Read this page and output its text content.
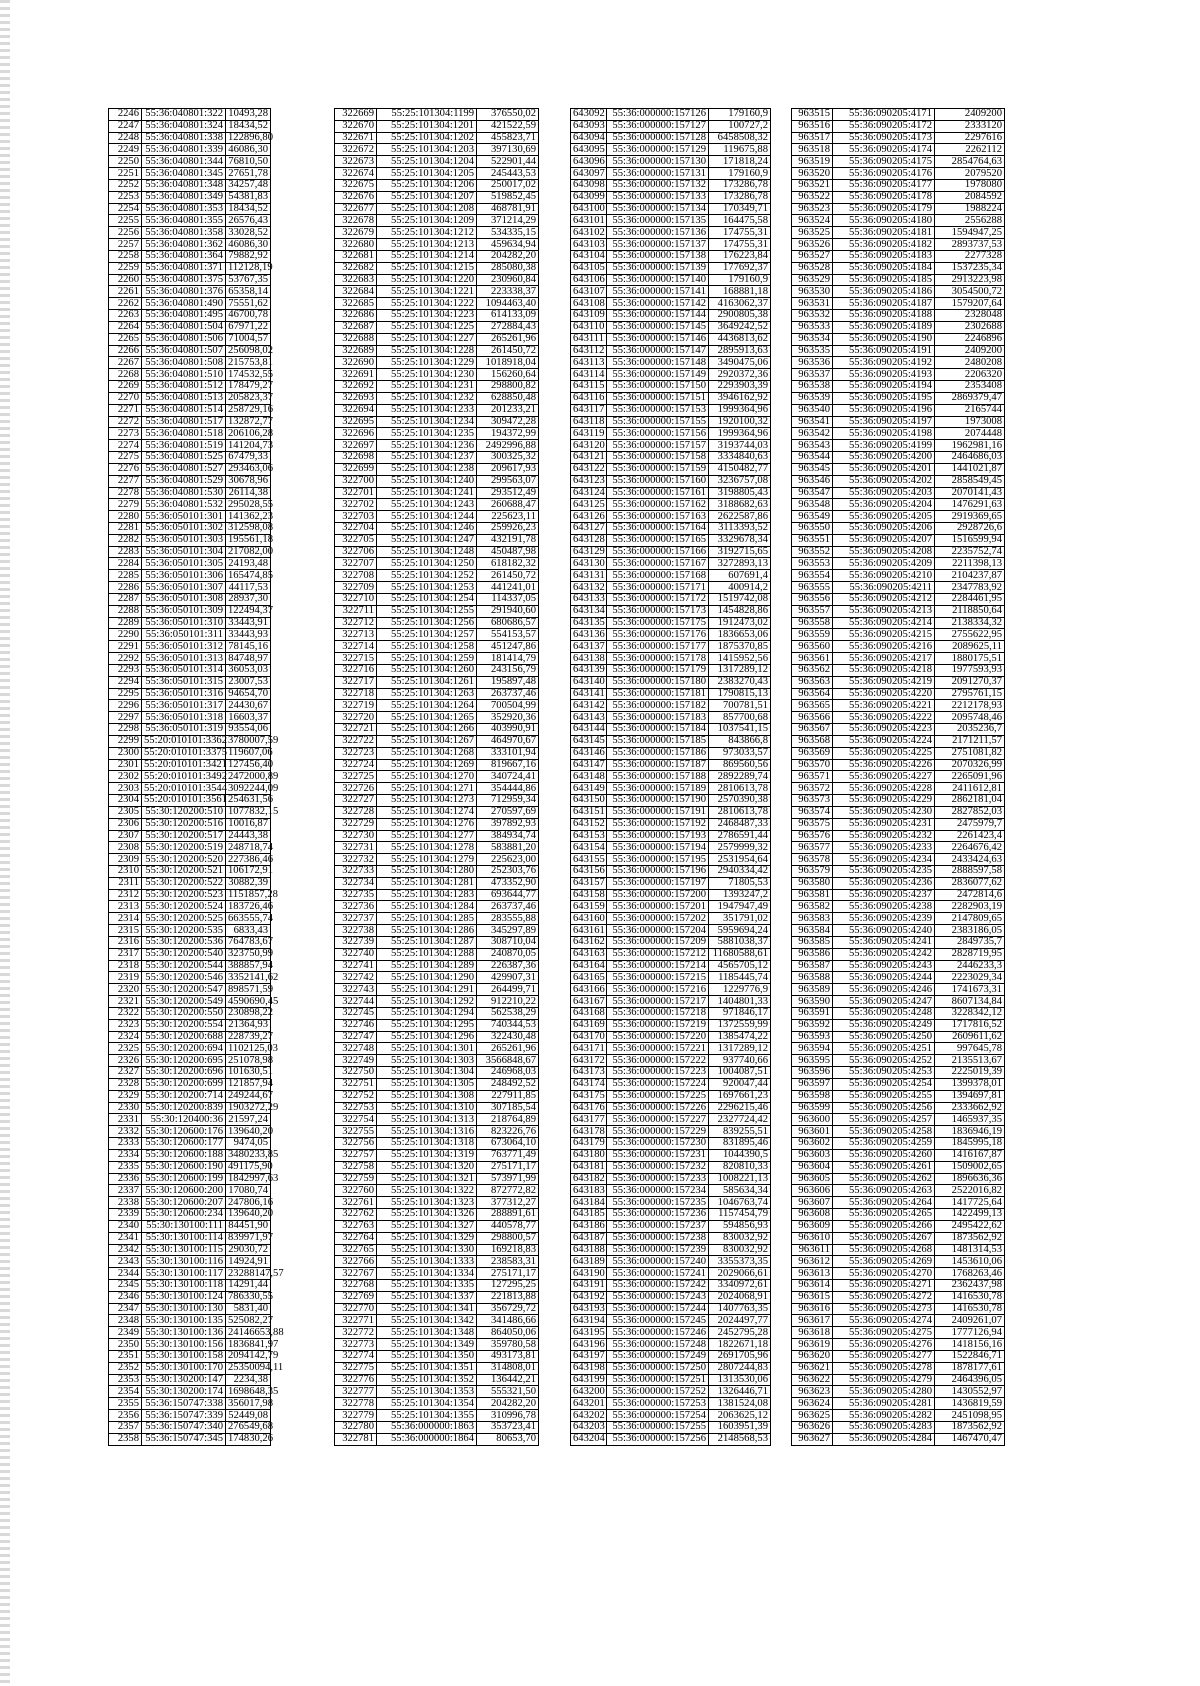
2246	55:36:040801:322	10493,28
2247	55:36:040801:324	18434,52
2248	55:36:040801:338	122896,80
2249	55:36:040801:339	46086,30
2250	55:36:040801:344	76810,50
2251	55:36:040801:345	27651,78
2252	55:36:040801:348	34257,48
2253	55:36:040801:349	54381,83
2254	55:36:040801:353	18434,52
2255	55:36:040801:355	26576,43
2256	55:36:040801:358	33028,52
2257	55:36:040801:362	46086,30
2258	55:36:040801:364	79882,92
2259	55:36:040801:371	112128,19
2260	55:36:040801:375	53767,35
2261	55:36:040801:376	65358,14
2262	55:36:040801:490	75551,62
2263	55:36:040801:495	46700,78
2264	55:36:040801:504	67971,22
2265	55:36:040801:506	71004,57
2266	55:36:040801:507	256098,02
2267	55:36:040801:508	215753,81
2268	55:36:040801:510	174532,55
2269	55:36:040801:512	178479,27
2270	55:36:040801:513	205823,37
2271	55:36:040801:514	258729,16
2272	55:36:040801:517	132872,77
2273	55:36:040801:518	206106,28
2274	55:36:040801:519	141204,73
2275	55:36:040801:525	67479,33
2276	55:36:040801:527	293463,06
2277	55:36:040801:529	30678,96
2278	55:36:040801:530	26114,38
2279	55:36:040801:532	295028,55
2280	55:36:050101:301	141362,23
2281	55:36:050101:302	312598,08
2282	55:36:050101:303	195561,18
2283	55:36:050101:304	217082,00
2284	55:36:050101:305	24193,48
2285	55:36:050101:306	165474,85
2286	55:36:050101:307	44117,53
2287	55:36:050101:308	28937,30
2288	55:36:050101:309	122494,37
2289	55:36:050101:310	33443,91
2290	55:36:050101:311	33443,93
2291	55:36:050101:312	78145,16
2292	55:36:050101:313	84748,97
2293	55:36:050101:314	36053,03
2294	55:36:050101:315	23007,53
2295	55:36:050101:316	94654,70
2296	55:36:050101:317	24430,67
2297	55:36:050101:318	16603,37
2298	55:36:050101:319	93554,06
2299	55:20:010101:3362	3780007,59
2300	55:20:010101:3375	119607,06
2301	55:20:010101:3421	127456,40
2302	55:20:010101:3492	2472000,89
2303	55:20:010101:3544	3092244,09
2304	55:20:010101:3561	254631,56
2305	55:30:120200:510	1077832,15
2306	55:30:120200:516	10016,87
2307	55:30:120200:517	24443,38
2308	55:30:120200:519	248718,74
2309	55:30:120200:520	227386,46
2310	55:30:120200:521	106172,91
2311	55:30:120200:522	30882,39
2312	55:30:120200:523	1151857,28
2313	55:30:120200:524	183726,46
2314	55:30:120200:525	663555,74
2315	55:30:120200:535	6833,43
2316	55:30:120200:536	764783,67
2317	55:30:120200:540	323750,99
2318	55:30:120200:544	388857,94
2319	55:30:120200:546	3352141,62
2320	55:30:120200:547	898571,59
2321	55:30:120200:549	4590690,45
2322	55:30:120200:550	230898,22
2323	55:30:120200:554	21364,93
2324	55:30:120200:688	228739,27
2325	55:30:120200:694	1102125,03
2326	55:30:120200:695	251078,98
2327	55:30:120200:696	101630,51
2328	55:30:120200:699	121857,94
2329	55:30:120200:714	249244,67
2330	55:30:120200:839	1903272,29
2331	55:30:120400:36	21597,24
2332	55:30:120600:176	139640,20
2333	55:30:120600:177	9474,05
2334	55:30:120600:188	3480233,85
2335	55:30:120600:190	491175,90
2336	55:30:120600:199	1842997,63
2337	55:30:120600:200	17080,74
2338	55:30:120600:207	247806,16
2339	55:30:120600:234	139640,20
2340	55:30:130100:111	84451,90
2341	55:30:130100:114	839971,97
2342	55:30:130100:115	29030,72
2343	55:30:130100:116	14924,91
2344	55:30:130100:117	23288147,57
2345	55:30:130100:118	14291,44
2346	55:30:130100:124	786330,55
2347	55:30:130100:130	5831,40
2348	55:30:130100:135	525082,27
2349	55:30:130100:136	24146653,88
2350	55:30:130100:156	1836841,97
2351	55:30:130100:158	2094142,79
2352	55:30:130100:170	25350094,11
2353	55:30:130200:147	2234,38
2354	55:30:130200:174	1698648,35
2355	55:36:150747:338	356017,98
2356	55:36:150747:339	52449,08
2357	55:36:150747:340	276549,68
2358	55:36:150747:345	174830,26
322669	55:25:101304:1199	376550,02
322670	55:25:101304:1201	421522,59
322671	55:25:101304:1202	455823,71
322672	55:25:101304:1203	397130,69
322673	55:25:101304:1204	522901,44
322674	55:25:101304:1205	245443,53
322675	55:25:101304:1206	250017,02
322676	55:25:101304:1207	519852,45
322677	55:25:101304:1208	468781,91
322678	55:25:101304:1209	371214,29
322679	55:25:101304:1212	534335,15
322680	55:25:101304:1213	459634,94
322681	55:25:101304:1214	204282,20
322682	55:25:101304:1215	285080,38
322683	55:25:101304:1220	230960,84
322684	55:25:101304:1221	223338,37
322685	55:25:101304:1222	1094463,40
322686	55:25:101304:1223	614133,09
322687	55:25:101304:1225	272884,43
322688	55:25:101304:1227	265261,96
322689	55:25:101304:1228	261450,72
322690	55:25:101304:1229	1018918,04
322691	55:25:101304:1230	156260,64
322692	55:25:101304:1231	298800,82
322693	55:25:101304:1232	628850,48
322694	55:25:101304:1233	201233,21
322695	55:25:101304:1234	309472,28
322696	55:25:101304:1235	194372,99
322697	55:25:101304:1236	2492996,88
322698	55:25:101304:1237	300325,32
322699	55:25:101304:1238	209617,93
322700	55:25:101304:1240	299563,07
322701	55:25:101304:1241	293512,49
322702	55:25:101304:1243	260688,47
322703	55:25:101304:1244	225623,11
322704	55:25:101304:1246	259926,23
322705	55:25:101304:1247	432191,78
322706	55:25:101304:1248	450487,98
322707	55:25:101304:1250	618182,32
322708	55:25:101304:1252	261450,72
322709	55:25:101304:1253	441241,01
322710	55:25:101304:1254	114337,05
322711	55:25:101304:1255	291940,60
322712	55:25:101304:1256	680686,57
322713	55:25:101304:1257	554153,57
322714	55:25:101304:1258	451247,86
322715	55:25:101304:1259	181414,79
322716	55:25:101304:1260	243156,79
322717	55:25:101304:1261	195897,48
322718	55:25:101304:1263	263737,46
322719	55:25:101304:1264	700504,99
322720	55:25:101304:1265	352920,36
322721	55:25:101304:1266	403990,91
322722	55:25:101304:1267	464970,67
322723	55:25:101304:1268	333101,94
322724	55:25:101304:1269	819667,16
322725	55:25:101304:1270	340724,41
322726	55:25:101304:1271	354444,86
322727	55:25:101304:1273	712959,34
322728	55:25:101304:1274	270597,69
322729	55:25:101304:1276	397892,93
322730	55:25:101304:1277	384934,74
322731	55:25:101304:1278	583881,20
322732	55:25:101304:1279	225623,00
322733	55:25:101304:1280	252303,76
322734	55:25:101304:1281	473352,90
322735	55:25:101304:1283	693644,77
322736	55:25:101304:1284	263737,46
322737	55:25:101304:1285	283555,88
322738	55:25:101304:1286	345297,89
322739	55:25:101304:1287	308710,04
322740	55:25:101304:1288	240870,05
322741	55:25:101304:1289	226387,36
322742	55:25:101304:1290	429907,31
322743	55:25:101304:1291	264499,71
322744	55:25:101304:1292	912210,22
322745	55:25:101304:1294	562538,29
322746	55:25:101304:1295	740344,53
322747	55:25:101304:1296	322430,48
322748	55:25:101304:1301	265261,96
322749	55:25:101304:1303	3566848,67
322750	55:25:101304:1304	246968,03
322751	55:25:101304:1305	248492,52
322752	55:25:101304:1308	227911,85
322753	55:25:101304:1310	307185,54
322754	55:25:101304:1313	218764,89
322755	55:25:101304:1316	823226,76
322756	55:25:101304:1318	673064,10
322757	55:25:101304:1319	763771,49
322758	55:25:101304:1320	275171,17
322759	55:25:101304:1321	573971,99
322760	55:25:101304:1322	872772,82
322761	55:25:101304:1323	377312,27
322762	55:25:101304:1326	288891,61
322763	55:25:101304:1327	440578,77
322764	55:25:101304:1329	298800,57
322765	55:25:101304:1330	169218,83
322766	55:25:101304:1333	238583,31
322767	55:25:101304:1334	275171,17
322768	55:25:101304:1335	127295,25
322769	55:25:101304:1337	221813,88
322770	55:25:101304:1341	356729,72
322771	55:25:101304:1342	341486,66
322772	55:25:101304:1348	864050,06
322773	55:25:101304:1349	359780,58
322774	55:25:101304:1350	493173,81
322775	55:25:101304:1351	314808,01
322776	55:25:101304:1352	136442,21
322777	55:25:101304:1353	555321,50
322778	55:25:101304:1354	204282,20
322779	55:25:101304:1355	310996,78
322780	55:36:000000:1863	353723,41
322781	55:36:000000:1864	80653,70
643092	55:36:000000:157126	179160,9
643093	55:36:000000:157127	100727,2
643094	55:36:000000:157128	6458508,32
643095	55:36:000000:157129	119675,88
643096	55:36:000000:157130	171818,24
643097	55:36:000000:157131	179160,9
643098	55:36:000000:157132	173286,78
643099	55:36:000000:157133	173286,78
643100	55:36:000000:157134	170349,71
643101	55:36:000000:157135	164475,58
643102	55:36:000000:157136	174755,31
643103	55:36:000000:157137	174755,31
643104	55:36:000000:157138	176223,84
643105	55:36:000000:157139	177692,37
643106	55:36:000000:157140	179160,9
643107	55:36:000000:157141	168881,18
643108	55:36:000000:157142	4163062,37
643109	55:36:000000:157144	2900805,38
643110	55:36:000000:157145	3649242,52
643111	55:36:000000:157146	4436813,62
643112	55:36:000000:157147	2895913,63
643113	55:36:000000:157148	3490475,06
643114	55:36:000000:157149	2920372,36
643115	55:36:000000:157150	2293903,39
643116	55:36:000000:157151	3946162,92
643117	55:36:000000:157153	1999364,96
643118	55:36:000000:157155	1920100,32
643119	55:36:000000:157156	1999364,96
643120	55:36:000000:157157	3193744,03
643121	55:36:000000:157158	3334840,63
643122	55:36:000000:157159	4150482,77
643123	55:36:000000:157160	3236757,08
643124	55:36:000000:157161	3198805,43
643125	55:36:000000:157162	3188682,63
643126	55:36:000000:157163	2622587,86
643127	55:36:000000:157164	3113393,52
643128	55:36:000000:157165	3329678,34
643129	55:36:000000:157166	3192715,65
643130	55:36:000000:157167	3272893,13
643131	55:36:000000:157168	607691,4
643132	55:36:000000:157171	400914,2
643133	55:36:000000:157172	1519742,08
643134	55:36:000000:157173	1454828,86
643135	55:36:000000:157175	1912473,02
643136	55:36:000000:157176	1836653,06
643137	55:36:000000:157177	1875370,85
643138	55:36:000000:157178	1415952,56
643139	55:36:000000:157179	1317289,12
643140	55:36:000000:157180	2383270,43
643141	55:36:000000:157181	1790815,13
643142	55:36:000000:157182	700781,51
643143	55:36:000000:157183	857700,68
643144	55:36:000000:157184	1037541,15
643145	55:36:000000:157185	843866,8
643146	55:36:000000:157186	973033,57
643147	55:36:000000:157187	869560,56
643148	55:36:000000:157188	2892289,74
643149	55:36:000000:157189	2810613,78
643150	55:36:000000:157190	2570390,38
643151	55:36:000000:157191	2810613,78
643152	55:36:000000:157192	2468487,33
643153	55:36:000000:157193	2786591,44
643154	55:36:000000:157194	2579999,32
643155	55:36:000000:157195	2531954,64
643156	55:36:000000:157196	2940334,42
643157	55:36:000000:157197	71805,53
643158	55:36:000000:157200	1393247,2
643159	55:36:000000:157201	1947947,49
643160	55:36:000000:157202	351791,02
643161	55:36:000000:157204	5959694,24
643162	55:36:000000:157209	5881038,37
643163	55:36:000000:157212	11680588,61
643164	55:36:000000:157214	4565705,12
643165	55:36:000000:157215	1185445,74
643166	55:36:000000:157216	1229776,9
643167	55:36:000000:157217	1404801,33
643168	55:36:000000:157218	971846,17
643169	55:36:000000:157219	1372559,99
643170	55:36:000000:157220	1385474,22
643171	55:36:000000:157221	1317289,12
643172	55:36:000000:157222	937740,66
643173	55:36:000000:157223	1004087,51
643174	55:36:000000:157224	920047,44
643175	55:36:000000:157225	1697661,23
643176	55:36:000000:157226	2296215,46
643177	55:36:000000:157227	2327724,42
643178	55:36:000000:157229	839255,51
643179	55:36:000000:157230	831895,46
643180	55:36:000000:157231	1044390,5
643181	55:36:000000:157232	820810,33
643182	55:36:000000:157233	1008221,13
643183	55:36:000000:157234	585634,34
643184	55:36:000000:157235	1046763,74
643185	55:36:000000:157236	1157454,79
643186	55:36:000000:157237	594856,93
643187	55:36:000000:157238	830032,92
643188	55:36:000000:157239	830032,92
643189	55:36:000000:157240	3355373,35
643190	55:36:000000:157241	2029066,61
643191	55:36:000000:157242	3340972,61
643192	55:36:000000:157243	2024068,91
643193	55:36:000000:157244	1407763,35
643194	55:36:000000:157245	2024497,77
643195	55:36:000000:157246	2452795,28
643196	55:36:000000:157248	1822671,18
643197	55:36:000000:157249	2691705,96
643198	55:36:000000:157250	2807244,83
643199	55:36:000000:157251	1313530,06
643200	55:36:000000:157252	1326446,71
643201	55:36:000000:157253	1381524,08
643202	55:36:000000:157254	2063625,12
643203	55:36:000000:157255	1603951,39
643204	55:36:000000:157256	2148568,53
963515	55:36:090205:4171	2409200
963516	55:36:090205:4172	2333120
963517	55:36:090205:4173	2297616
963518	55:36:090205:4174	2262112
963519	55:36:090205:4175	2854764,63
963520	55:36:090205:4176	2079520
963521	55:36:090205:4177	1978080
963522	55:36:090205:4178	2084592
963523	55:36:090205:4179	1988224
963524	55:36:090205:4180	2556288
963525	55:36:090205:4181	1594947,25
963526	55:36:090205:4182	2893737,53
963527	55:36:090205:4183	2277328
963528	55:36:090205:4184	1537235,34
963529	55:36:090205:4185	2913223,98
963530	55:36:090205:4186	3054500,72
963531	55:36:090205:4187	1579207,64
963532	55:36:090205:4188	2328048
963533	55:36:090205:4189	2302688
963534	55:36:090205:4190	2246896
963535	55:36:090205:4191	2409200
963536	55:36:090205:4192	2480208
963537	55:36:090205:4193	2206320
963538	55:36:090205:4194	2353408
963539	55:36:090205:4195	2869379,47
963540	55:36:090205:4196	2165744
963541	55:36:090205:4197	1973008
963542	55:36:090205:4198	2074448
963543	55:36:090205:4199	1962981,16
963544	55:36:090205:4200	2464686,03
963545	55:36:090205:4201	1441021,87
963546	55:36:090205:4202	2858549,45
963547	55:36:090205:4203	2070141,43
963548	55:36:090205:4204	1476291,63
963549	55:36:090205:4205	2919369,65
963550	55:36:090205:4206	2928726,6
963551	55:36:090205:4207	1516599,94
963552	55:36:090205:4208	2235752,74
963553	55:36:090205:4209	2211398,13
963554	55:36:090205:4210	2104237,87
963555	55:36:090205:4211	2347783,92
963556	55:36:090205:4212	2284461,95
963557	55:36:090205:4213	2118850,64
963558	55:36:090205:4214	2138334,32
963559	55:36:090205:4215	2755622,95
963560	55:36:090205:4216	2089625,11
963561	55:36:090205:4217	1880175,51
963562	55:36:090205:4218	1977593,93
963563	55:36:090205:4219	2091270,37
963564	55:36:090205:4220	2795761,15
963565	55:36:090205:4221	2212178,93
963566	55:36:090205:4222	2095748,46
963567	55:36:090205:4223	2035236,7
963568	55:36:090205:4224	2171211,57
963569	55:36:090205:4225	2751081,82
963570	55:36:090205:4226	2070326,99
963571	55:36:090205:4227	2265091,96
963572	55:36:090205:4228	2411612,81
963573	55:36:090205:4229	2862181,04
963574	55:36:090205:4230	2827852,03
963575	55:36:090205:4231	2475979,7
963576	55:36:090205:4232	2261423,4
963577	55:36:090205:4233	2264676,42
963578	55:36:090205:4234	2433424,63
963579	55:36:090205:4235	2888597,58
963580	55:36:090205:4236	2836077,62
963581	55:36:090205:4237	2472814,6
963582	55:36:090205:4238	2282903,19
963583	55:36:090205:4239	2147809,65
963584	55:36:090205:4240	2383186,05
963585	55:36:090205:4241	2849735,7
963586	55:36:090205:4242	2828719,95
963587	55:36:090205:4243	2446233,3
963588	55:36:090205:4244	2223029,34
963589	55:36:090205:4246	1741673,31
963590	55:36:090205:4247	8607134,84
963591	55:36:090205:4248	3228342,12
963592	55:36:090205:4249	1717816,52
963593	55:36:090205:4250	2609611,62
963594	55:36:090205:4251	997645,78
963595	55:36:090205:4252	2135513,67
963596	55:36:090205:4253	2225019,39
963597	55:36:090205:4254	1399378,01
963598	55:36:090205:4255	1394697,81
963599	55:36:090205:4256	2333662,92
963600	55:36:090205:4257	1465937,35
963601	55:36:090205:4258	1836946,19
963602	55:36:090205:4259	1845995,18
963603	55:36:090205:4260	1416167,87
963604	55:36:090205:4261	1509002,65
963605	55:36:090205:4262	1896636,36
963606	55:36:090205:4263	2522016,82
963607	55:36:090205:4264	1417725,64
963608	55:36:090205:4265	1422499,13
963609	55:36:090205:4266	2495422,62
963610	55:36:090205:4267	1873562,92
963611	55:36:090205:4268	1481314,53
963612	55:36:090205:4269	1453610,06
963613	55:36:090205:4270	1768263,46
963614	55:36:090205:4271	2362437,98
963615	55:36:090205:4272	1416530,78
963616	55:36:090205:4273	1416530,78
963617	55:36:090205:4274	2409261,07
963618	55:36:090205:4275	1777126,94
963619	55:36:090205:4276	1418156,16
963620	55:36:090205:4277	1522846,71
963621	55:36:090205:4278	1878177,61
963622	55:36:090205:4279	2464396,05
963623	55:36:090205:4280	1430552,97
963624	55:36:090205:4281	1436819,59
963625	55:36:090205:4282	2451098,95
963626	55:36:090205:4283	1873562,92
963627	55:36:090205:4284	1467470,47
